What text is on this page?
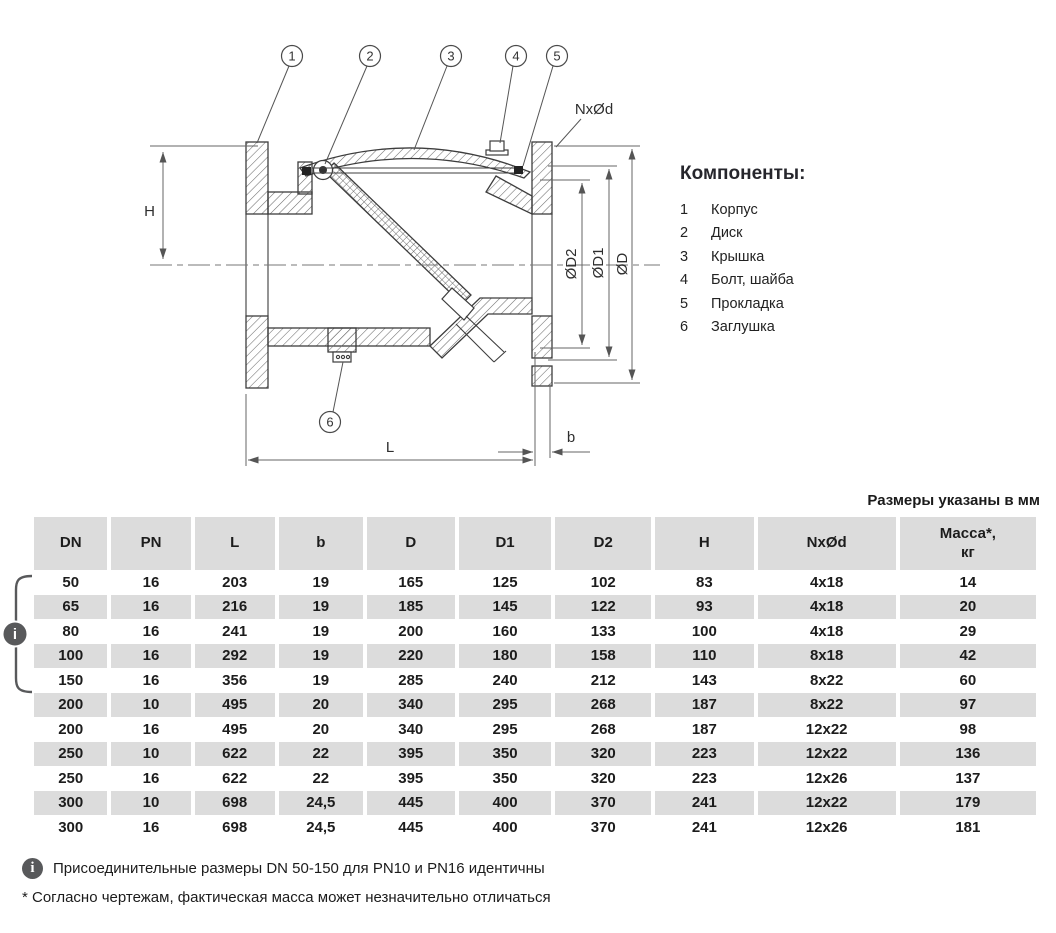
H
ØD2 ØD1 ØD
L
b
NxØd
1	2	3	4	5
6
Компоненты:
1	Корпус
2	Диск
3	Крышка
4	Болт, шайба
5	Прокладка
6	Заглушка
Размеры указаны в мм
DN	PN	L	b	D	D1	D2	H	NxØd	Масса*,
кг
50	16	203	19	165	125	102	83	4x18	14
65	16	216	19	185	145	122	93	4x18	20
80	16	241	19	200	160	133	100	4x18	29
100	16	292	19	220	180	158	110	8x18	42
150	16	356	19	285	240	212	143	8x22	60
200	10	495	20	340	295	268	187	8x22	97
200	16	495	20	340	295	268	187	12x22	98
250	10	622	22	395	350	320	223	12x22	136
250	16	622	22	395	350	320	223	12x26	137
300	10	698	24,5	445	400	370	241	12x22	179
300	16	698	24,5	445	400	370	241	12x26	181
i
i	Присоединительные размеры DN 50-150 для PN10 и PN16 идентичны
* Согласно чертежам, фактическая масса может незначительно отличаться
